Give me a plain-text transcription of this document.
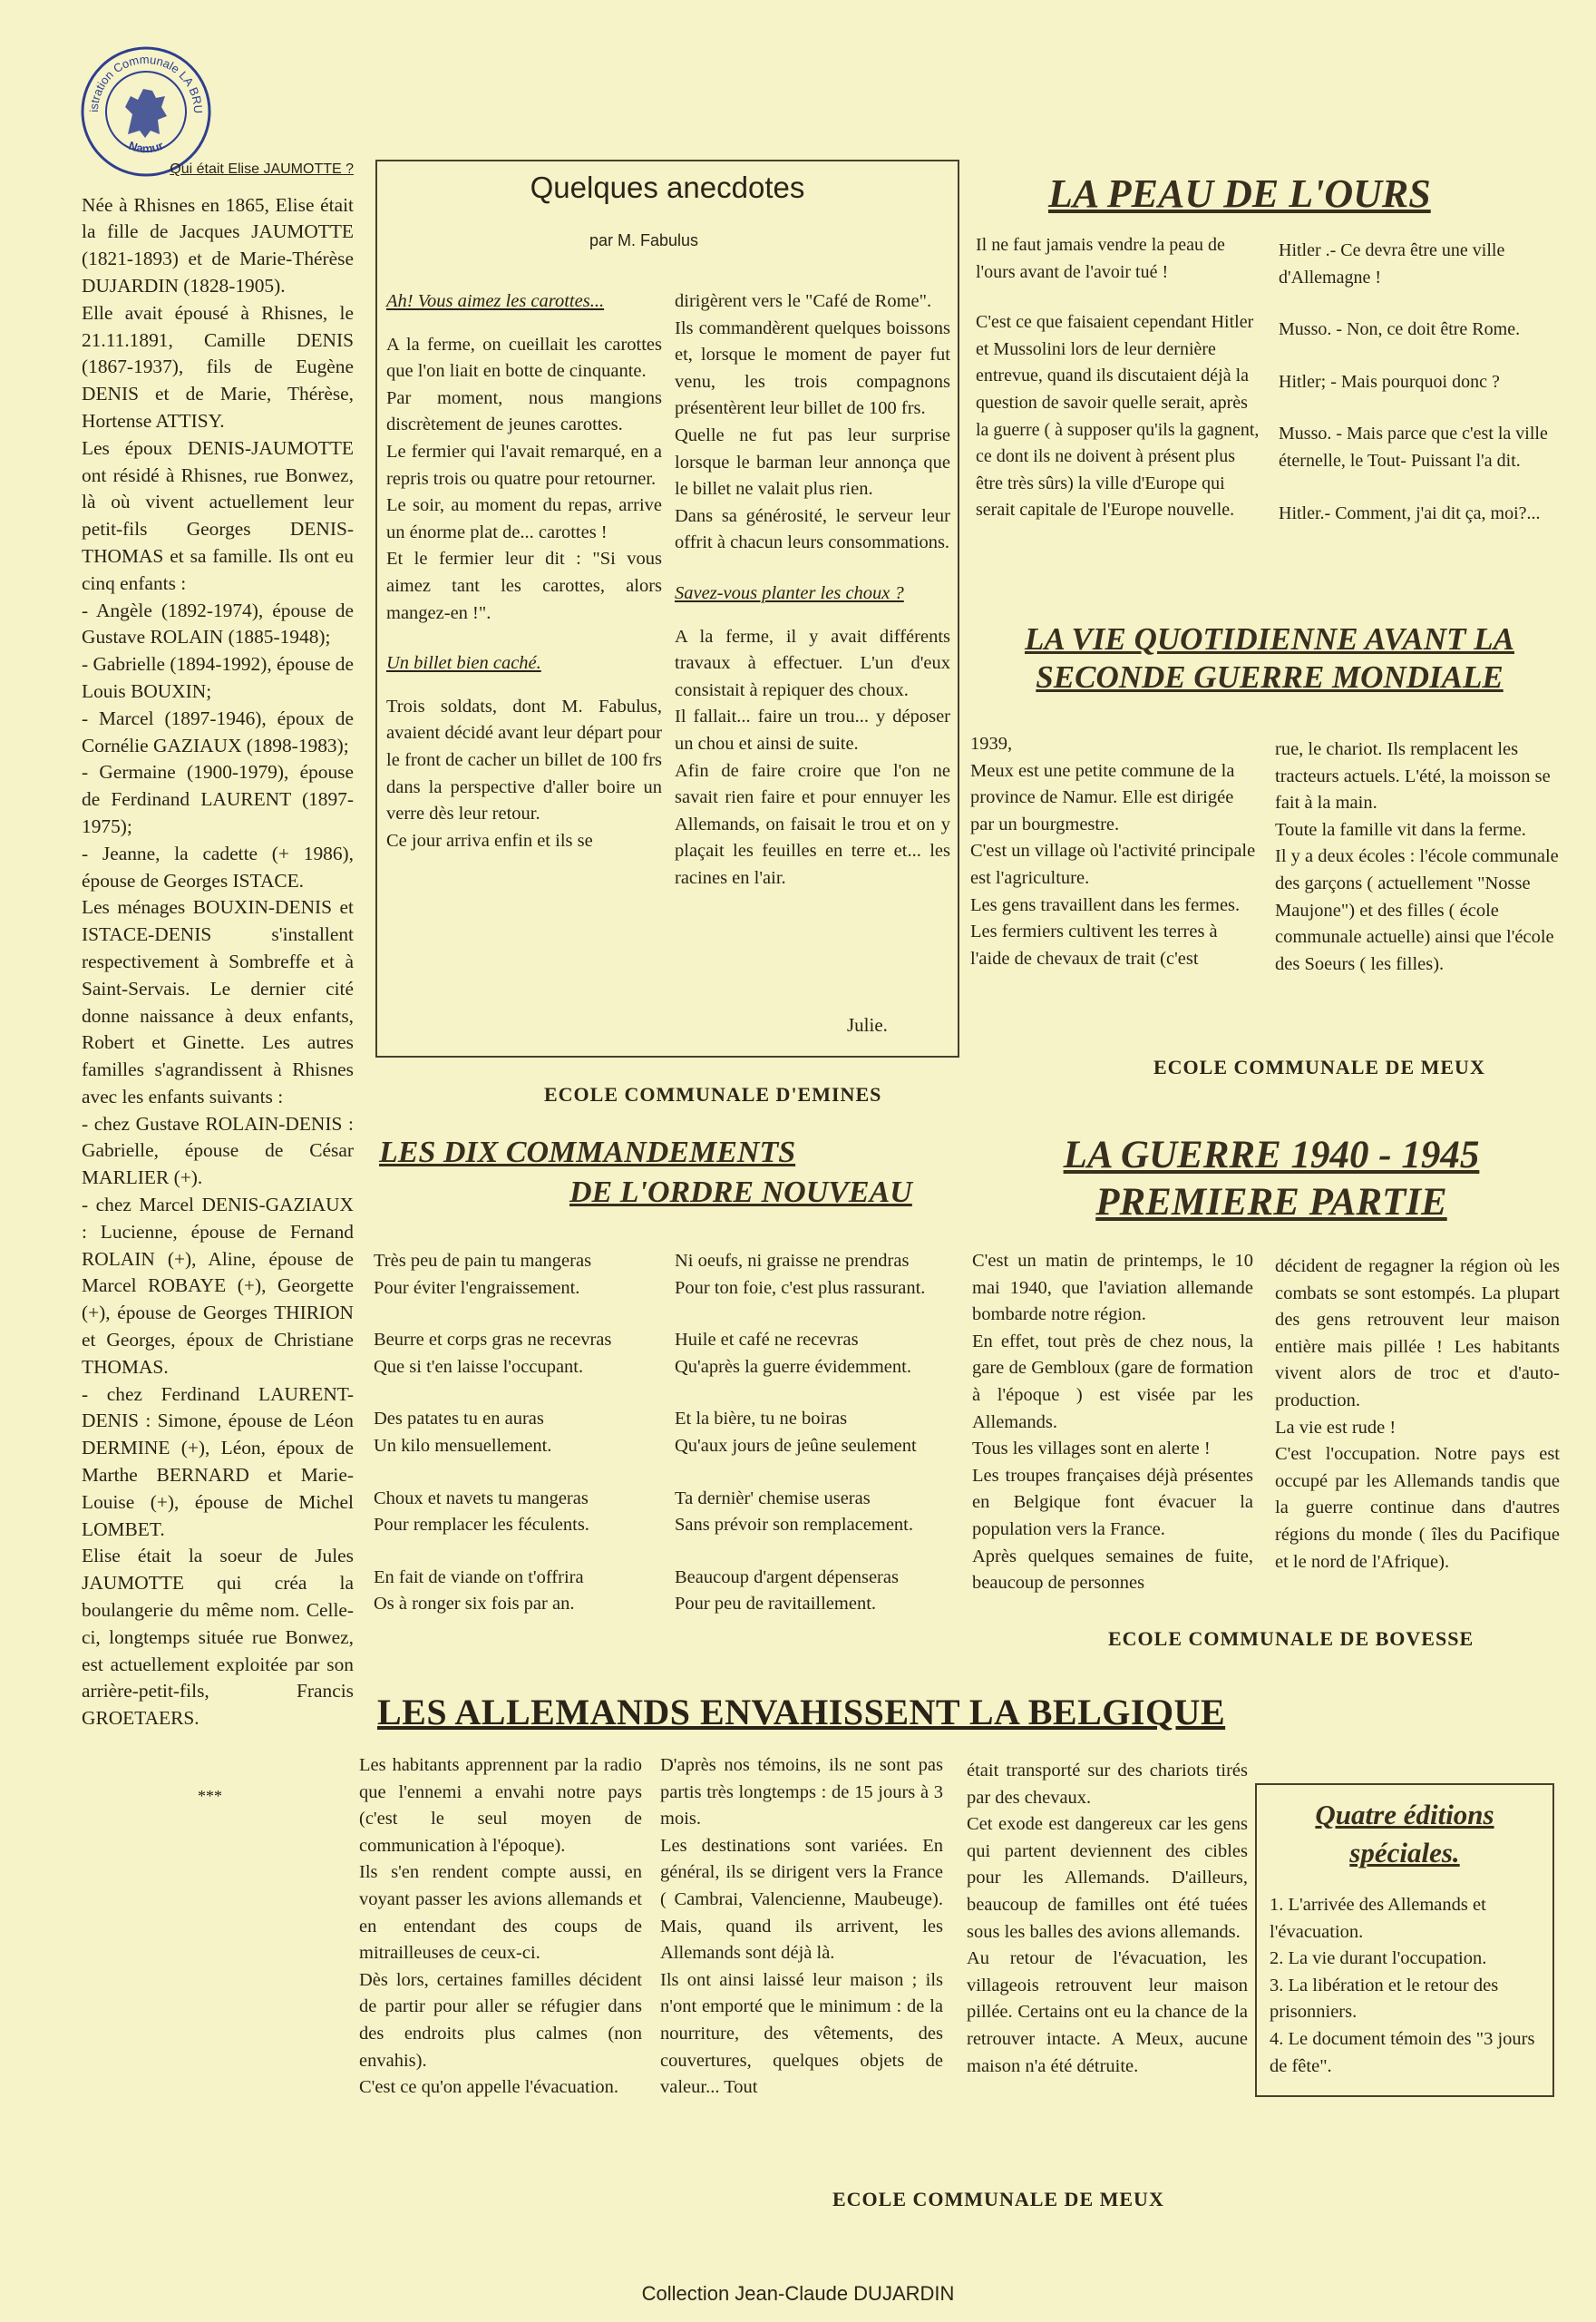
istration Communale LA BRU
Namur
Qui était Elise JAUMOTTE ?

Née à Rhisnes en 1865, Elise était la fille de Jacques JAUMOTTE (1821-1893) et de Marie-Thérèse DUJARDIN (1828-1905).

Elle avait épousé à Rhisnes, le 21.11.1891, Camille DENIS (1867-1937), fils de Eugène DENIS et de Marie, Thérèse, Hortense ATTISY.

Les époux DENIS-JAUMOTTE ont résidé à Rhisnes, rue Bonwez, là où vivent actuellement leur petit-fils Georges DENIS-THOMAS et sa famille. Ils ont eu cinq enfants :

- Angèle (1892-1974), épouse de Gustave ROLAIN (1885-1948);

- Gabrielle (1894-1992), épouse de Louis BOUXIN;

- Marcel (1897-1946), époux de Cornélie GAZIAUX (1898-1983);

- Germaine (1900-1979), épouse de Ferdinand LAURENT (1897-1975);

- Jeanne, la cadette (+ 1986), épouse de Georges ISTACE.

Les ménages BOUXIN-DENIS et ISTACE-DENIS s'installent respectivement à Sombreffe et à Saint-Servais. Le dernier cité donne naissance à deux enfants, Robert et Ginette. Les autres familles s'agrandissent à Rhisnes avec les enfants suivants :

- chez Gustave ROLAIN-DENIS : Gabrielle, épouse de César MARLIER (+).

- chez Marcel DENIS-GAZIAUX : Lucienne, épouse de Fernand ROLAIN (+), Aline, épouse de Marcel ROBAYE (+), Georgette (+), épouse de Georges THIRION et Georges, époux de Christiane THOMAS.

- chez Ferdinand LAURENT-DENIS : Simone, épouse de Léon DERMINE (+), Léon, époux de Marthe BERNARD et Marie-Louise (+), épouse de Michel LOMBET.

Elise était la soeur de Jules JAUMOTTE qui créa la boulangerie du même nom. Celle-ci, longtemps située rue Bonwez, est actuellement exploitée par son arrière-petit-fils, Francis GROETAERS.

***
Quelques anecdotes
par M. Fabulus

Ah! Vous aimez les carottes...

A la ferme, on cueillait les carottes que l'on liait en botte de cinquante.

Par moment, nous mangions discrètement de jeunes carottes.

Le fermier qui l'avait remarqué, en a repris trois ou quatre pour retourner.

Le soir, au moment du repas, arrive un énorme plat de... carottes !

Et le fermier leur dit : "Si vous aimez tant les carottes, alors mangez-en !".

Un billet bien caché.

Trois soldats, dont M. Fabulus, avaient décidé avant leur départ pour le front de cacher un billet de 100 frs dans la perspective d'aller boire un verre dès leur retour.

Ce jour arriva enfin et ils se

dirigèrent vers le "Café de Rome".

Ils commandèrent quelques boissons et, lorsque le moment de payer fut venu, les trois compagnons présentèrent leur billet de 100 frs.

Quelle ne fut pas leur surprise lorsque le barman leur annonça que le billet ne valait plus rien.

Dans sa générosité, le serveur leur offrit à chacun leurs consommations.

Savez-vous planter les choux ?

A la ferme, il y avait différents travaux à effectuer. L'un d'eux consistait à repiquer des choux.

Il fallait... faire un trou... y déposer un chou et ainsi de suite.

Afin de faire croire que l'on ne savait rien faire et pour ennuyer les Allemands, on faisait le trou et on y plaçait les feuilles en terre et... les racines en l'air.

Julie.
ECOLE COMMUNALE D'EMINES
LA PEAU DE L'OURS

Il ne faut jamais vendre la peau de l'ours avant de l'avoir tué !

C'est ce que faisaient cependant Hitler et Mussolini lors de leur dernière entrevue, quand ils discutaient déjà la question de savoir quelle serait, après la guerre ( à supposer qu'ils la gagnent, ce dont ils ne doivent à présent plus être très sûrs) la ville d'Europe qui serait capitale de l'Europe nouvelle.

Hitler .- Ce devra être une ville d'Allemagne !

Musso. - Non, ce doit être Rome.

Hitler; - Mais pourquoi donc ?

Musso. - Mais parce que c'est la ville éternelle, le Tout- Puissant l'a dit.

Hitler.- Comment, j'ai dit ça, moi?...

LA VIE QUOTIDIENNE AVANT LA
SECONDE GUERRE MONDIALE

1939,

Meux est une petite commune de la province de Namur. Elle est dirigée par un bourgmestre.

C'est un village où l'activité principale est l'agriculture.

Les gens travaillent dans les fermes.

Les fermiers cultivent les terres à l'aide de chevaux de trait (c'est

rue, le chariot. Ils remplacent les tracteurs actuels. L'été, la moisson se fait à la main.

Toute la famille vit dans la ferme.

Il y a deux écoles : l'école communale des garçons ( actuellement "Nosse Maujone") et des filles ( école communale actuelle) ainsi que l'école des Soeurs ( les filles).

ECOLE COMMUNALE DE MEUX
LES DIX COMMANDEMENTS
DE L'ORDRE NOUVEAU
Très peu de pain tu mangeras
Pour éviter l'engraissement.
Beurre et corps gras ne recevras
Que si t'en laisse l'occupant.
Des patates tu en auras
Un kilo mensuellement.
Choux et navets tu mangeras
Pour remplacer les féculents.
En fait de viande on t'offrira
Os à ronger six fois par an.
Ni oeufs, ni graisse ne prendras
Pour ton foie, c'est plus rassurant.
Huile et café ne recevras
Qu'après la guerre évidemment.
Et la bière, tu ne boiras
Qu'aux jours de jeûne seulement
Ta dernièr' chemise useras
Sans prévoir son remplacement.
Beaucoup d'argent dépenseras
Pour peu de ravitaillement.
LA GUERRE 1940 - 1945
PREMIERE PARTIE

C'est un matin de printemps, le 10 mai 1940, que l'aviation allemande bombarde notre région.

En effet, tout près de chez nous, la gare de Gembloux (gare de formation à l'époque ) est visée par les Allemands.

Tous les villages sont en alerte !

Les troupes françaises déjà présentes en Belgique font évacuer la population vers la France.

Après quelques semaines de fuite, beaucoup de personnes

décident de regagner la région où les combats se sont estompés. La plupart des gens retrouvent leur maison entière mais pillée ! Les habitants vivent alors de troc et d'auto-production.

La vie est rude !

C'est l'occupation. Notre pays est occupé par les Allemands tandis que la guerre continue dans d'autres régions du monde ( îles du Pacifique et le nord de l'Afrique).

ECOLE COMMUNALE DE BOVESSE
LES ALLEMANDS ENVAHISSENT LA BELGIQUE

Les habitants apprennent par la radio que l'ennemi a envahi notre pays (c'est le seul moyen de communication à l'époque).

Ils s'en rendent compte aussi, en voyant passer les avions allemands et en entendant des coups de mitrailleuses de ceux-ci.

Dès lors, certaines familles décident de partir pour aller se réfugier dans des endroits plus calmes (non envahis).

C'est ce qu'on appelle l'évacuation.

D'après nos témoins, ils ne sont pas partis très longtemps : de 15 jours à 3 mois.

Les destinations sont variées. En général, ils se dirigent vers la France ( Cambrai, Valencienne, Maubeuge). Mais, quand ils arrivent, les Allemands sont déjà là.

Ils ont ainsi laissé leur maison ; ils n'ont emporté que le minimum : de la nourriture, des vêtements, des couvertures, quelques objets de valeur... Tout

était transporté sur des chariots tirés par des chevaux.

Cet exode est dangereux car les gens qui partent deviennent des cibles pour les Allemands. D'ailleurs, beaucoup de familles ont été tuées sous les balles des avions allemands.

Au retour de l'évacuation, les villageois retrouvent leur maison pillée. Certains ont eu la chance de la retrouver intacte. A Meux, aucune maison n'a été détruite.

ECOLE COMMUNALE DE MEUX
Quatre éditions
spéciales.

1. L'arrivée des Allemands et l'évacuation.

2. La vie durant l'occupation.

3. La libération et le retour des prisonniers.

4. Le document témoin des "3 jours de fête".

Collection Jean-Claude DUJARDIN
